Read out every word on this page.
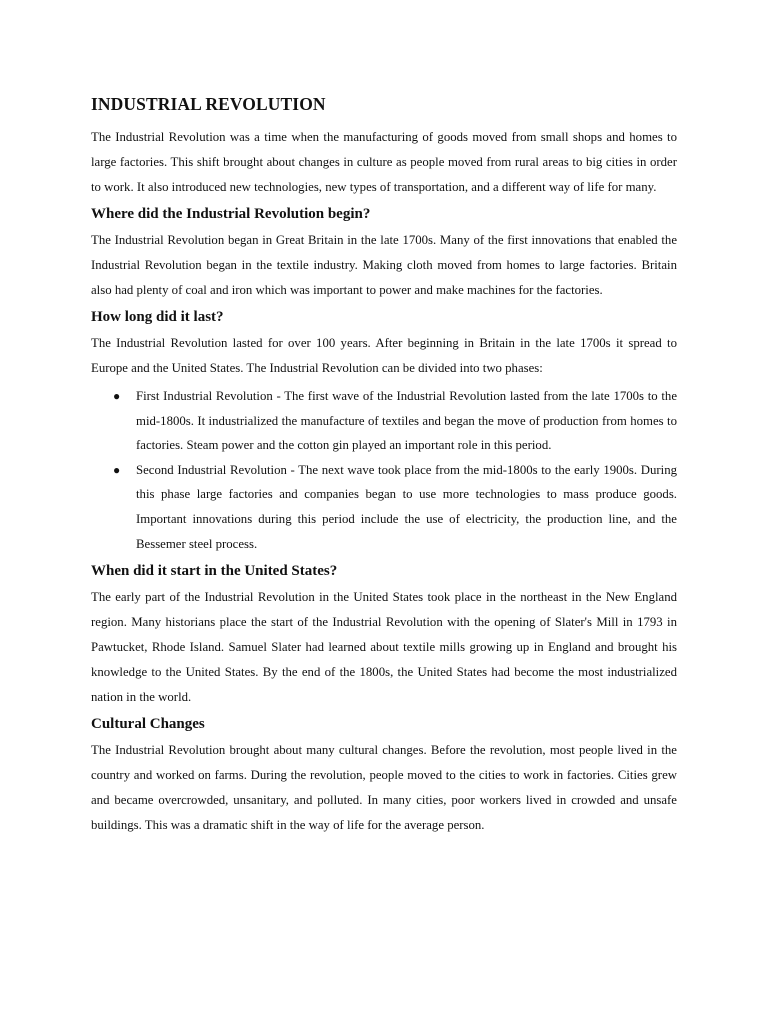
INDUSTRIAL REVOLUTION

The Industrial Revolution was a time when the manufacturing of goods moved from small shops and homes to large factories. This shift brought about changes in culture as people moved from rural areas to big cities in order to work. It also introduced new technologies, new types of transportation, and a different way of life for many.

Where did the Industrial Revolution begin?

The Industrial Revolution began in Great Britain in the late 1700s. Many of the first innovations that enabled the Industrial Revolution began in the textile industry. Making cloth moved from homes to large factories. Britain also had plenty of coal and iron which was important to power and make machines for the factories.

How long did it last?

The Industrial Revolution lasted for over 100 years. After beginning in Britain in the late 1700s it spread to Europe and the United States. The Industrial Revolution can be divided into two phases:

● First Industrial Revolution - The first wave of the Industrial Revolution lasted from the late 1700s to the mid-1800s. It industrialized the manufacture of textiles and began the move of production from homes to factories. Steam power and the cotton gin played an important role in this period.
● Second Industrial Revolution - The next wave took place from the mid-1800s to the early 1900s. During this phase large factories and companies began to use more technologies to mass produce goods. Important innovations during this period include the use of electricity, the production line, and the Bessemer steel process.
When did it start in the United States?

The early part of the Industrial Revolution in the United States took place in the northeast in the New England region. Many historians place the start of the Industrial Revolution with the opening of Slater's Mill in 1793 in Pawtucket, Rhode Island. Samuel Slater had learned about textile mills growing up in England and brought his knowledge to the United States. By the end of the 1800s, the United States had become the most industrialized nation in the world.

Cultural Changes

The Industrial Revolution brought about many cultural changes. Before the revolution, most people lived in the country and worked on farms. During the revolution, people moved to the cities to work in factories. Cities grew and became overcrowded, unsanitary, and polluted. In many cities, poor workers lived in crowded and unsafe buildings. This was a dramatic shift in the way of life for the average person.
